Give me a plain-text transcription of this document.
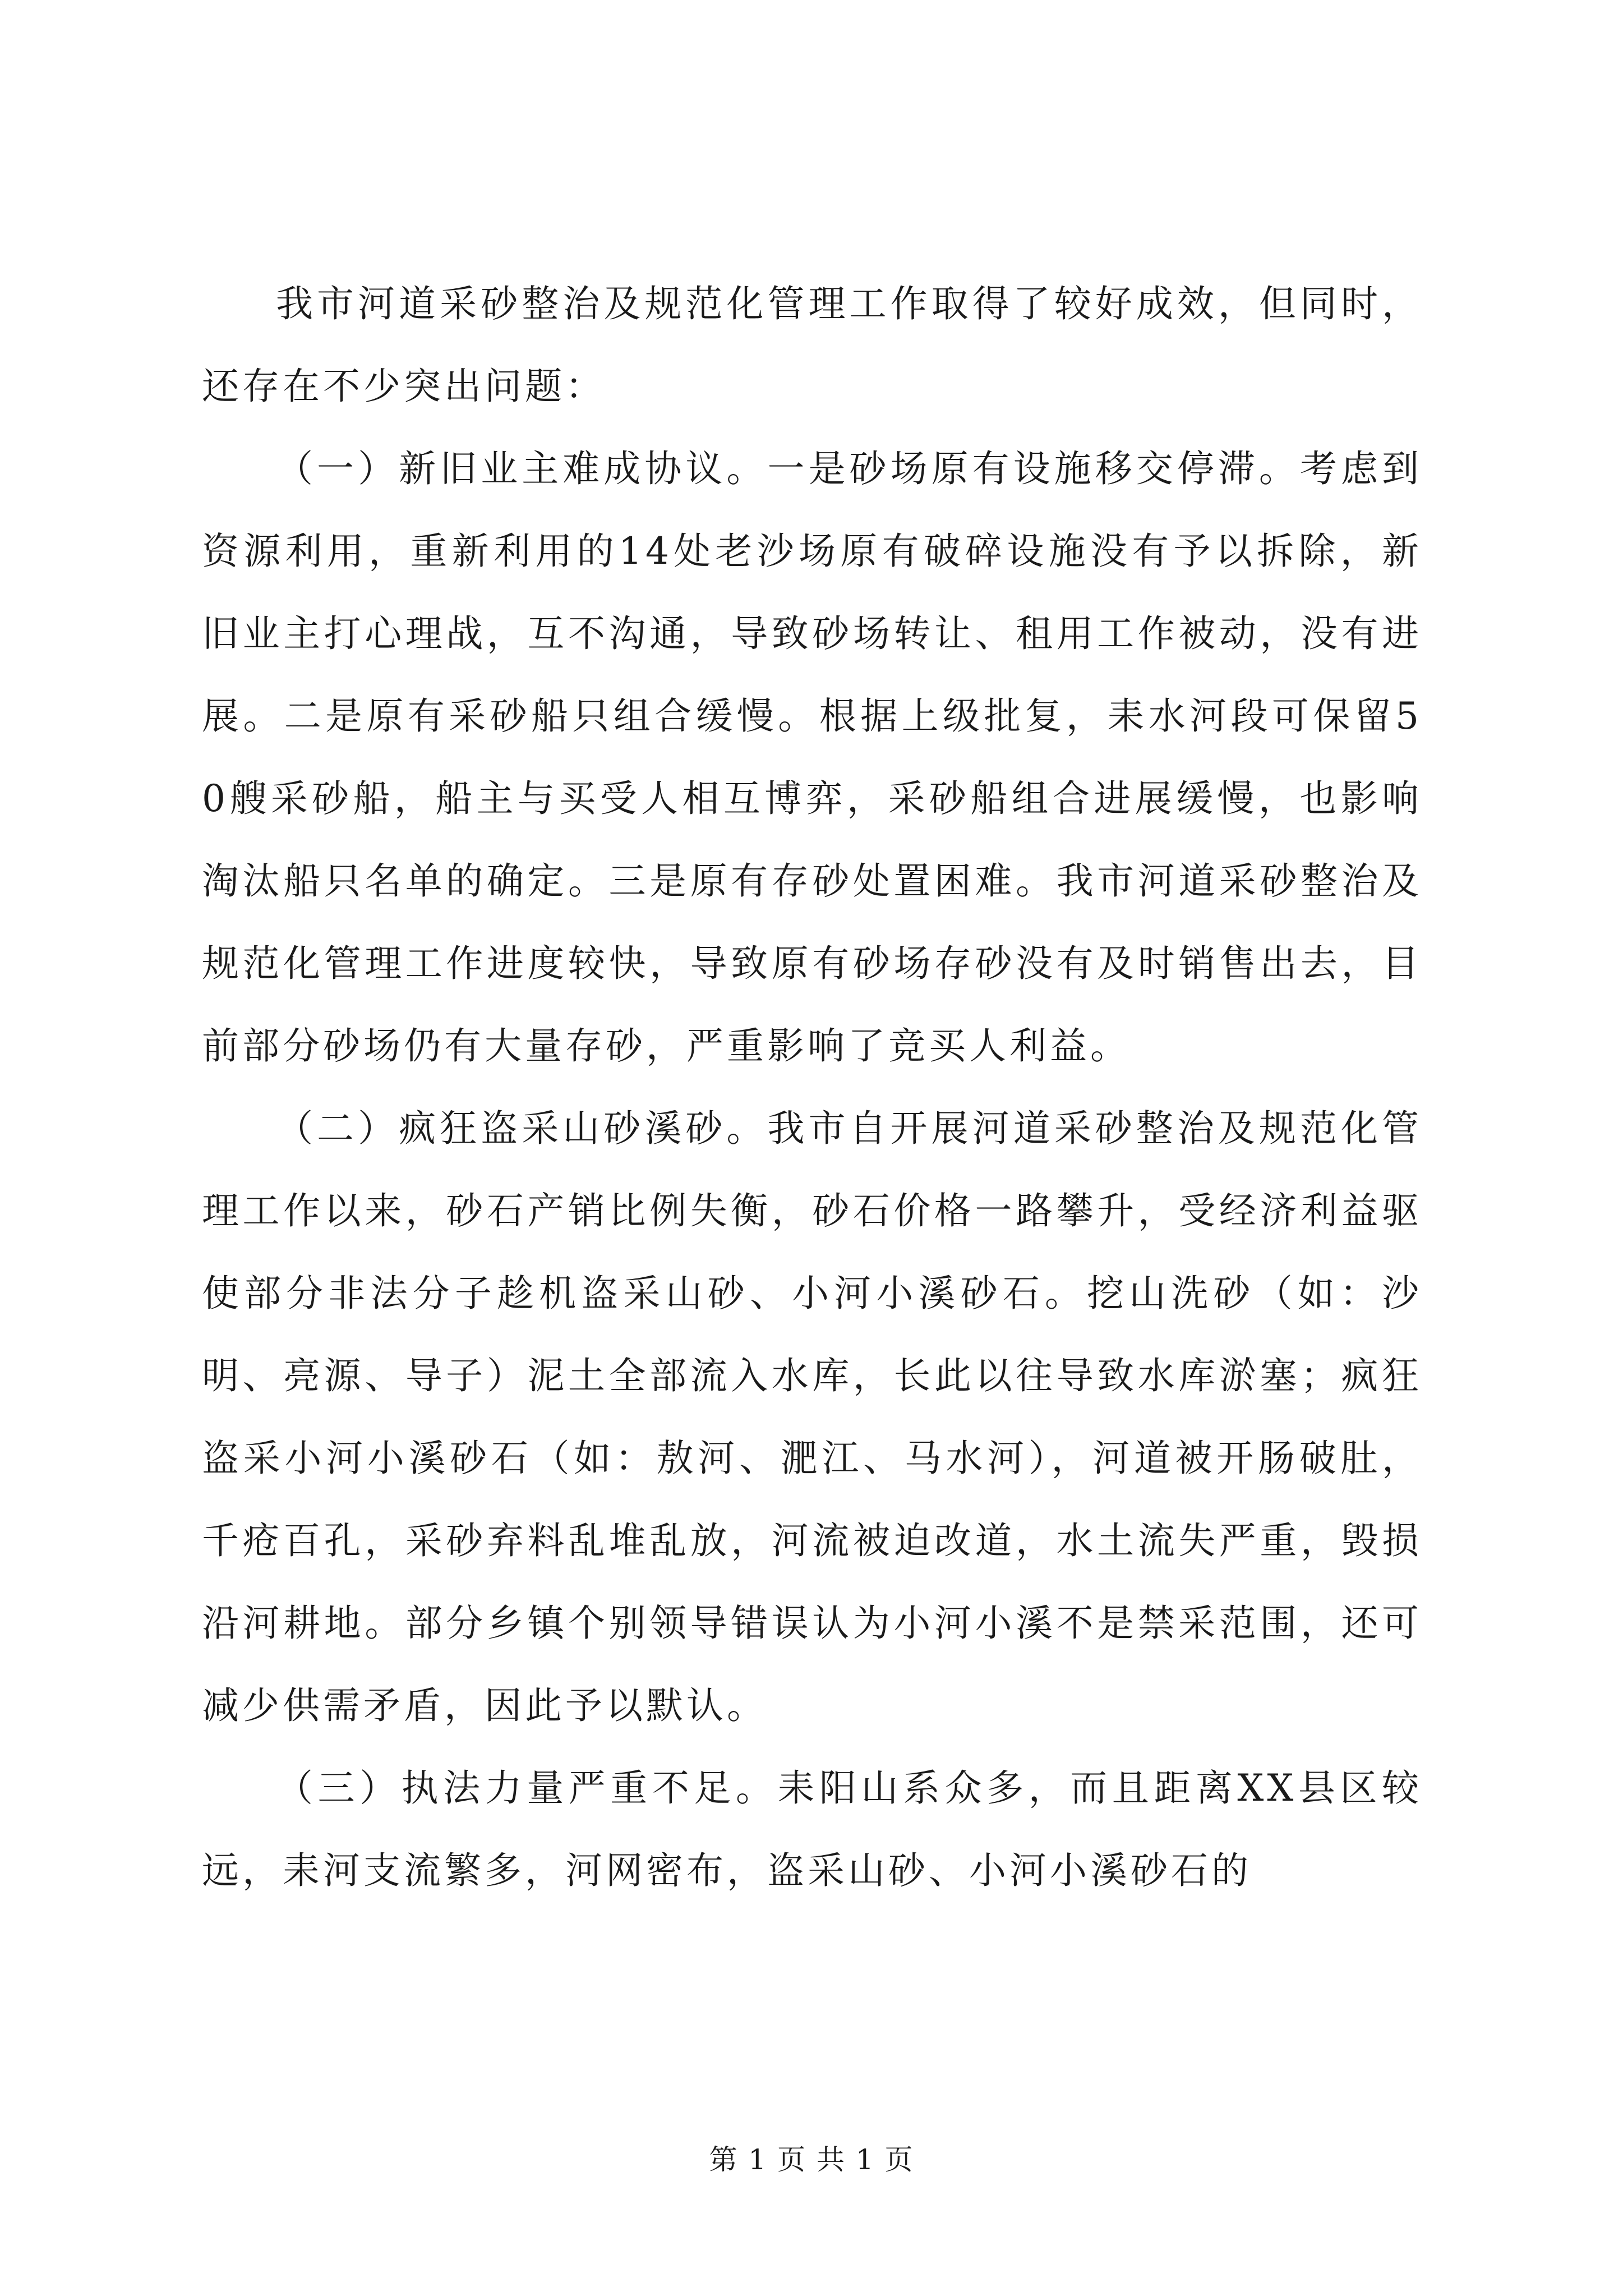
我市河道采砂整治及规范化管理工作取得了较好成效，但同时，还存在不少突出问题：

（一）新旧业主难成协议。一是砂场原有设施移交停滞。考虑到资源利用，重新利用的14处老沙场原有破碎设施没有予以拆除，新旧业主打心理战，互不沟通，导致砂场转让、租用工作被动，没有进展。二是原有采砂船只组合缓慢。根据上级批复，耒水河段可保留50艘采砂船，船主与买受人相互博弈，采砂船组合进展缓慢，也影响淘汰船只名单的确定。三是原有存砂处置困难。我市河道采砂整治及规范化管理工作进度较快，导致原有砂场存砂没有及时销售出去，目前部分砂场仍有大量存砂，严重影响了竞买人利益。

（二）疯狂盗采山砂溪砂。我市自开展河道采砂整治及规范化管理工作以来，砂石产销比例失衡，砂石价格一路攀升，受经济利益驱使部分非法分子趁机盗采山砂、小河小溪砂石。挖山洗砂（如：沙明、亮源、导子）泥土全部流入水库，长此以往导致水库淤塞；疯狂盗采小河小溪砂石（如：敖河、淝江、马水河），河道被开肠破肚，千疮百孔，采砂弃料乱堆乱放，河流被迫改道，水土流失严重，毁损沿河耕地。部分乡镇个别领导错误认为小河小溪不是禁采范围，还可减少供需矛盾，因此予以默认。

（三）执法力量严重不足。耒阳山系众多，而且距离XX县区较远，耒河支流繁多，河网密布，盗采山砂、小河小溪砂石的

第 1 页 共 1 页
